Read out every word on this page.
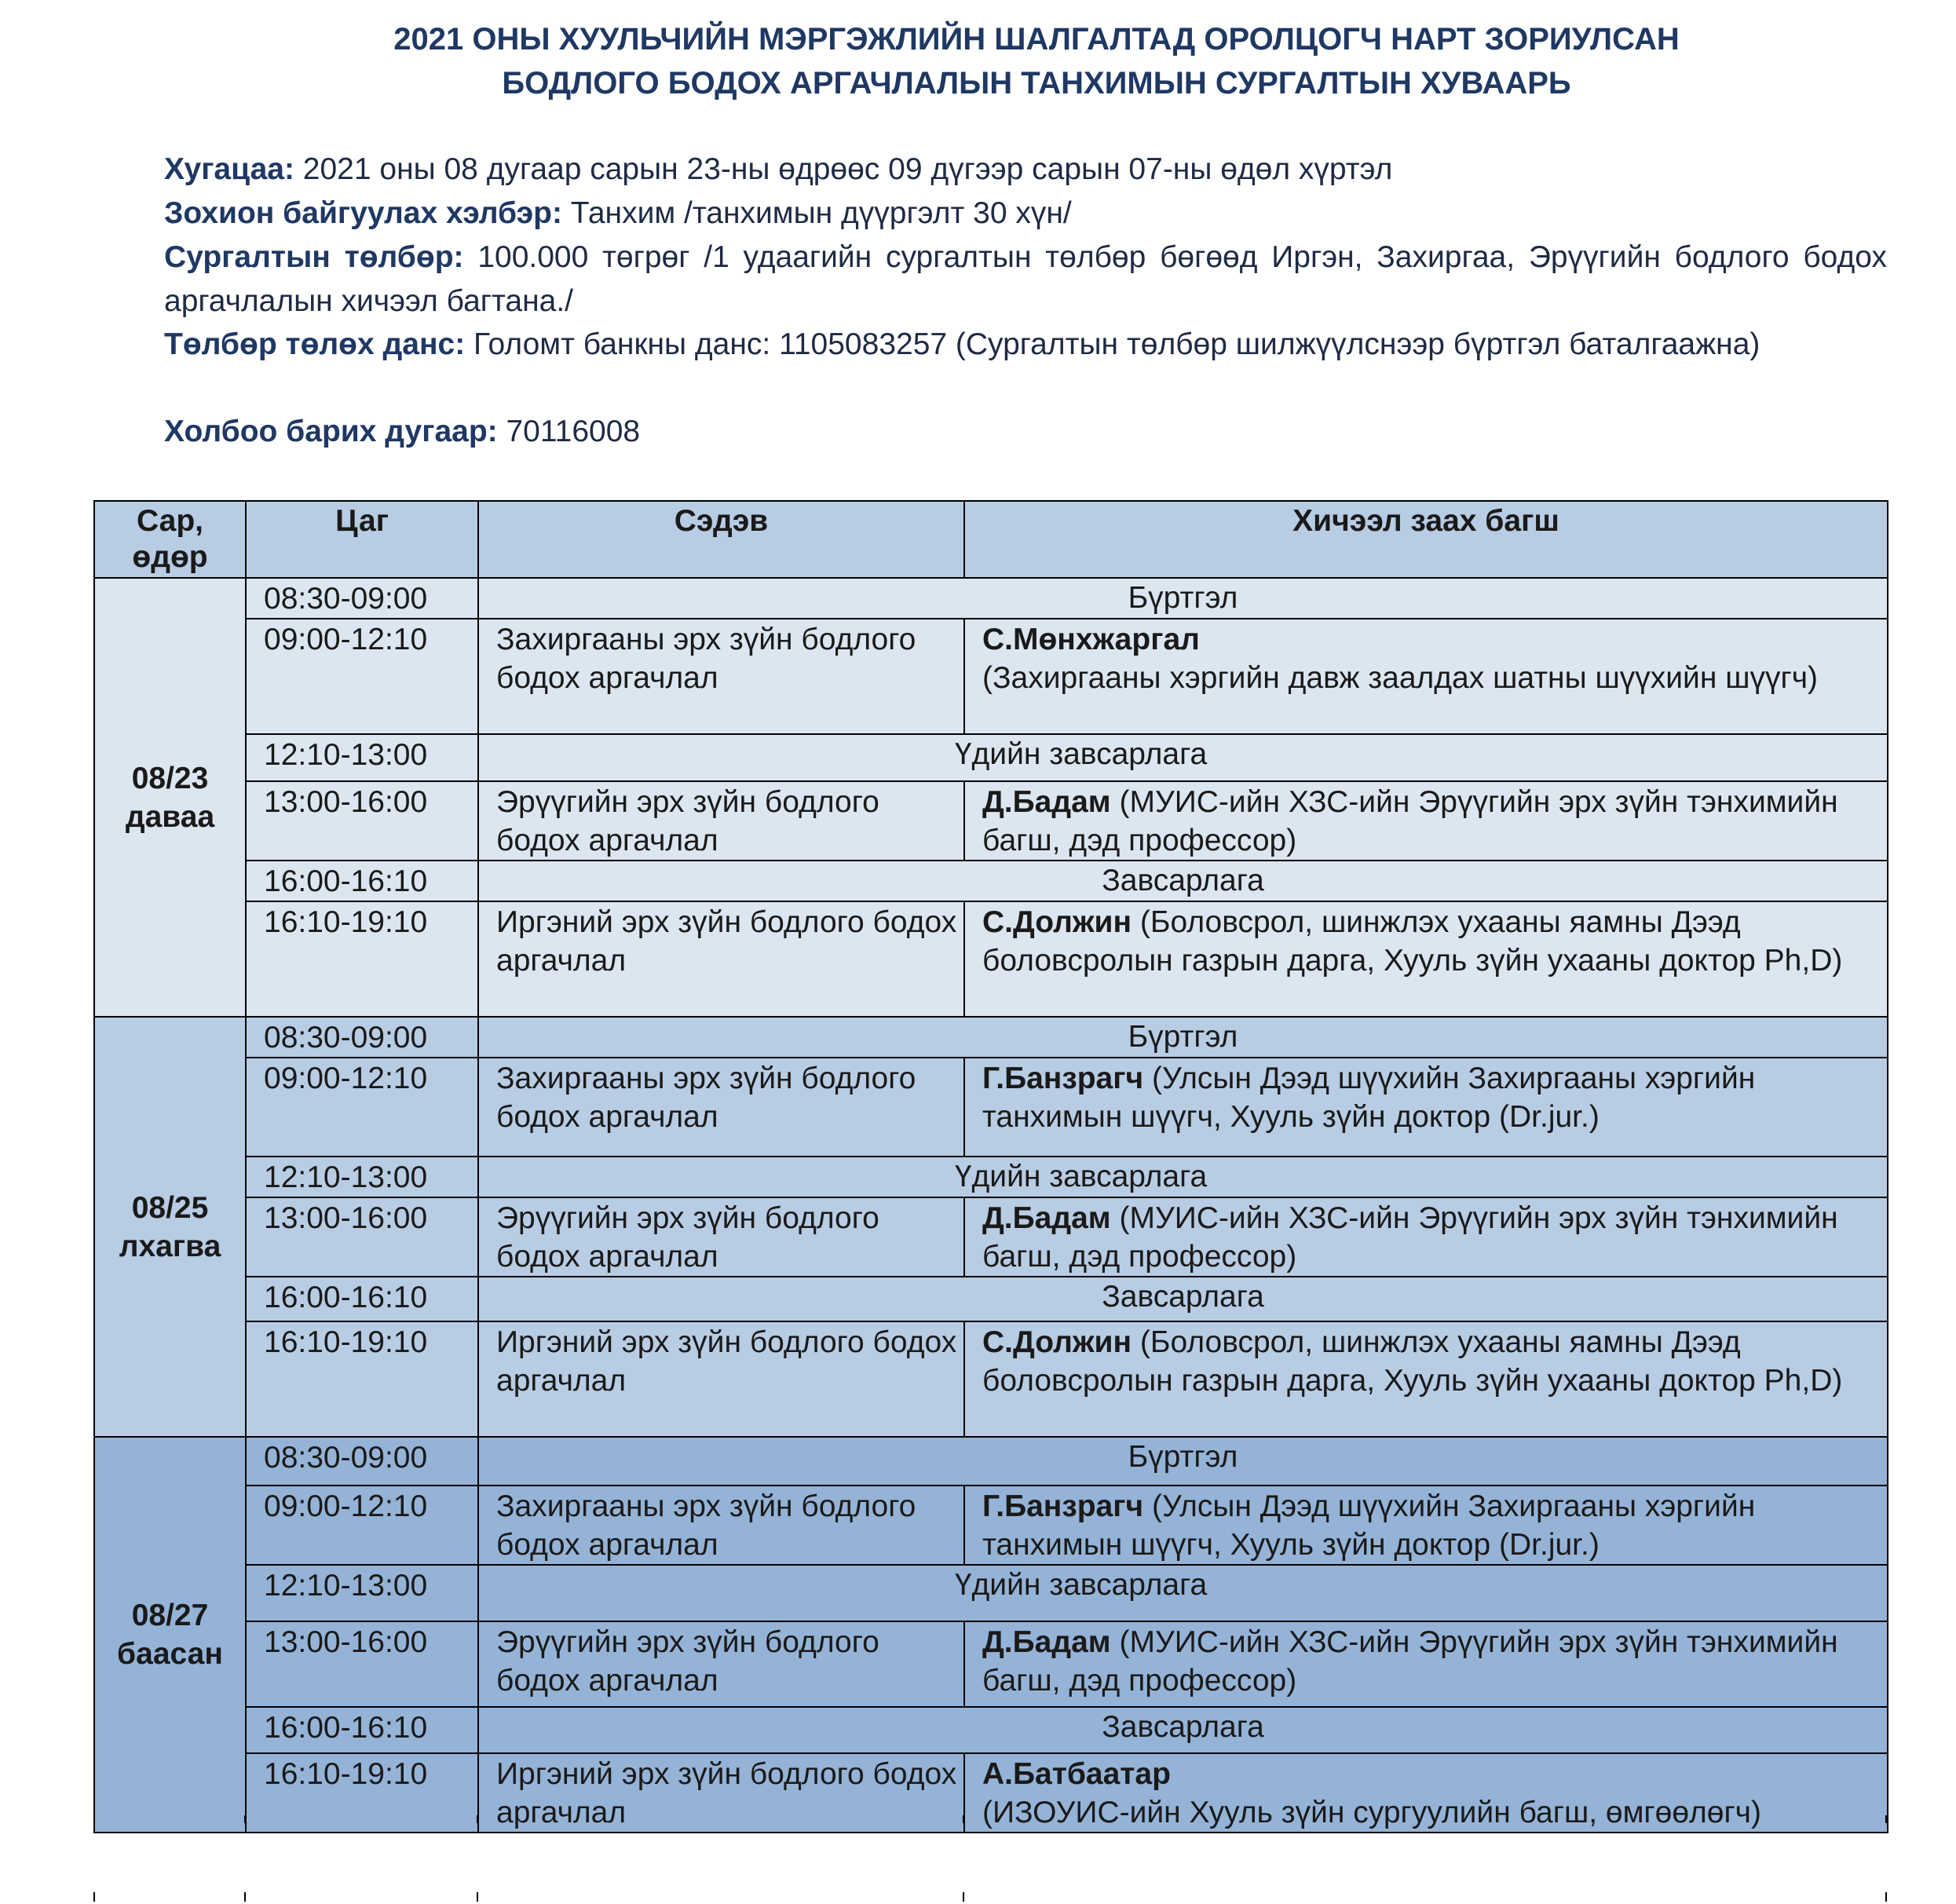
2021 ОНЫ ХУУЛЬЧИЙН МЭРГЭЖЛИЙН ШАЛГАЛТАД ОРОЛЦОГЧ НАРТ ЗОРИУЛСАН
БОДЛОГО БОДОХ АРГАЧЛАЛЫН ТАНХИМЫН СУРГАЛТЫН ХУВААРЬ
Хугацаа: 2021 оны 08 дугаар сарын 23-ны өдрөөс 09 дүгээр сарын 07-ны өдөл хүртэл
Зохион байгуулах хэлбэр: Танхим /танхимын дүүргэлт 30 хүн/
Сургалтын төлбөр: 100.000 төгрөг /1 удаагийн сургалтын төлбөр бөгөөд Иргэн, Захиргаа, Эрүүгийн бодлого бодох аргачлалын хичээл багтана./
Төлбөр төлөх данс: Голомт банкны данс: 1105083257 (Сургалтын төлбөр шилжүүлснээр бүртгэл баталгаажна)
Холбоо барих дугаар: 70116008
Сар, өдөр	Цаг	Сэдэв	Хичээл заах багш

08/23
даваа	08:30-09:00	Бүртгэл	
	09:00-12:10	Захиргааны эрх зүйн бодлого бодох аргачлал	С.Мөнхжаргал
(Захиргааны хэргийн давж заалдах шатны шүүхийн шүүгч)
	12:10-13:00	Үдийн завсарлага	
	13:00-16:00	Эрүүгийн эрх зүйн бодлого бодох аргачлал	Д.Бадам (МУИС-ийн ХЗС-ийн Эрүүгийн эрх зүйн тэнхимийн багш, дэд профессор)
	16:00-16:10	Завсарлага	
	16:10-19:10	Иргэний эрх зүйн бодлого бодох аргачлал	С.Должин (Боловсрол, шинжлэх ухааны яамны Дээд боловсролын газрын дарга, Хууль зүйн ухааны доктор Ph,D)

08/25
лхагва	08:30-09:00	Бүртгэл	
	09:00-12:10	Захиргааны эрх зүйн бодлого бодох аргачлал	Г.Банзрагч (Улсын Дээд шүүхийн Захиргааны хэргийн танхимын шүүгч, Хууль зүйн доктор (Dr.jur.)
	12:10-13:00	Үдийн завсарлага	
	13:00-16:00	Эрүүгийн эрх зүйн бодлого бодох аргачлал	Д.Бадам (МУИС-ийн ХЗС-ийн Эрүүгийн эрх зүйн тэнхимийн багш, дэд профессор)
	16:00-16:10	Завсарлага	
	16:10-19:10	Иргэний эрх зүйн бодлого бодох аргачлал	С.Должин (Боловсрол, шинжлэх ухааны яамны Дээд боловсролын газрын дарга, Хууль зүйн ухааны доктор Ph,D)

08/27
баасан	08:30-09:00	Бүртгэл	
	09:00-12:10	Захиргааны эрх зүйн бодлого бодох аргачлал	Г.Банзрагч (Улсын Дээд шүүхийн Захиргааны хэргийн танхимын шүүгч, Хууль зүйн доктор (Dr.jur.)
	12:10-13:00	Үдийн завсарлага	
	13:00-16:00	Эрүүгийн эрх зүйн бодлого бодох аргачлал	Д.Бадам (МУИС-ийн ХЗС-ийн Эрүүгийн эрх зүйн тэнхимийн багш, дэд профессор)
	16:00-16:10	Завсарлага	
	16:10-19:10	Иргэний эрх зүйн бодлого бодох аргачлал	А.Батбаатар
(ИЗОУИС-ийн Хууль зүйн сургуулийн багш, өмгөөлөгч)
